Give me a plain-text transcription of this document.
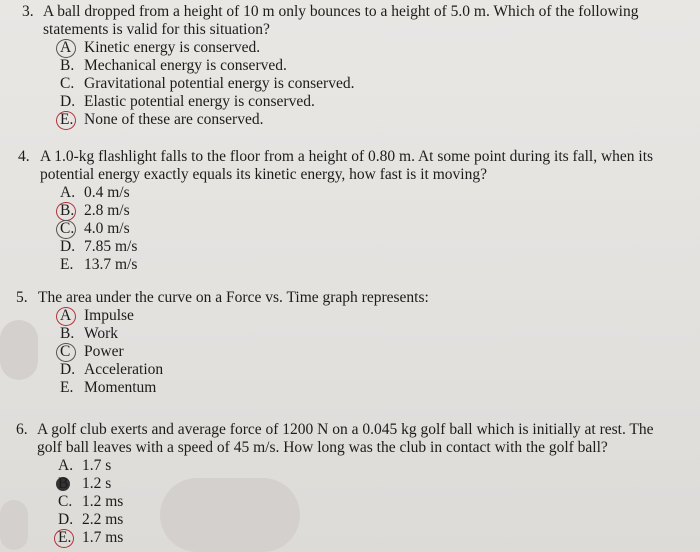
3. A ball dropped from a height of 10 m only bounces to a height of 5.0 m. Which of the following
statements is valid for this situation?
A Kinetic energy is conserved.
B. Mechanical energy is conserved.
C. Gravitational potential energy is conserved.
D. Elastic potential energy is conserved.
E. None of these are conserved.
4. A 1.0-kg flashlight falls to the floor from a height of 0.80 m. At some point during its fall, when its
potential energy exactly equals its kinetic energy, how fast is it moving?
A. 0.4 m/s
B. 2.8 m/s
C. 4.0 m/s
D. 7.85 m/s
E. 13.7 m/s
5. The area under the curve on a Force vs. Time graph represents:
A Impulse
B. Work
C Power
D. Acceleration
E. Momentum
6. A golf club exerts and average force of 1200 N on a 0.045 kg golf ball which is initially at rest. The
golf ball leaves with a speed of 45 m/s. How long was the club in contact with the golf ball?
A. 1.7 s
B 1.2 s
C. 1.2 ms
D. 2.2 ms
E. 1.7 ms
